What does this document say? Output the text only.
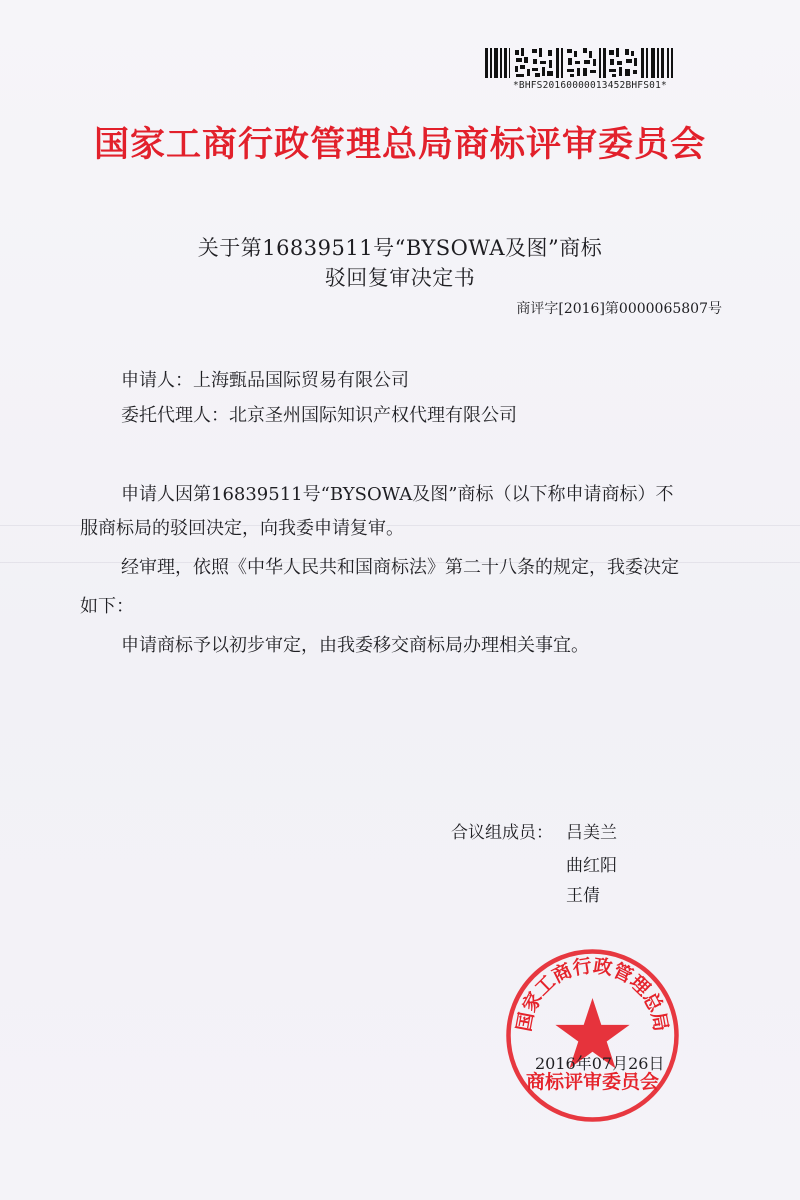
*BHFS2016000001​3452BHFS01*
国家工商行政管理总局商标评审委员会
关于第16839511号“BYSOWA及图”商标
驳回复审决定书
商评字[2016]第0000065807号
申请人：上海甄品国际贸易有限公司
委托代理人：北京圣州国际知识产权代理有限公司
申请人因第16839511号“BYSOWA及图”商标（以下称申请商标）不
服商标局的驳回决定，向我委申请复审。
经审理，依照《中华人民共和国商标法》第二十八条的规定，我委决定
如下：
申请商标予以初步审定，由我委移交商标局办理相关事宜。
合议组成员： 吕美兰
曲红阳
王倩
国家工商行政管理总局
商标评审委员会
2016年07月26日
